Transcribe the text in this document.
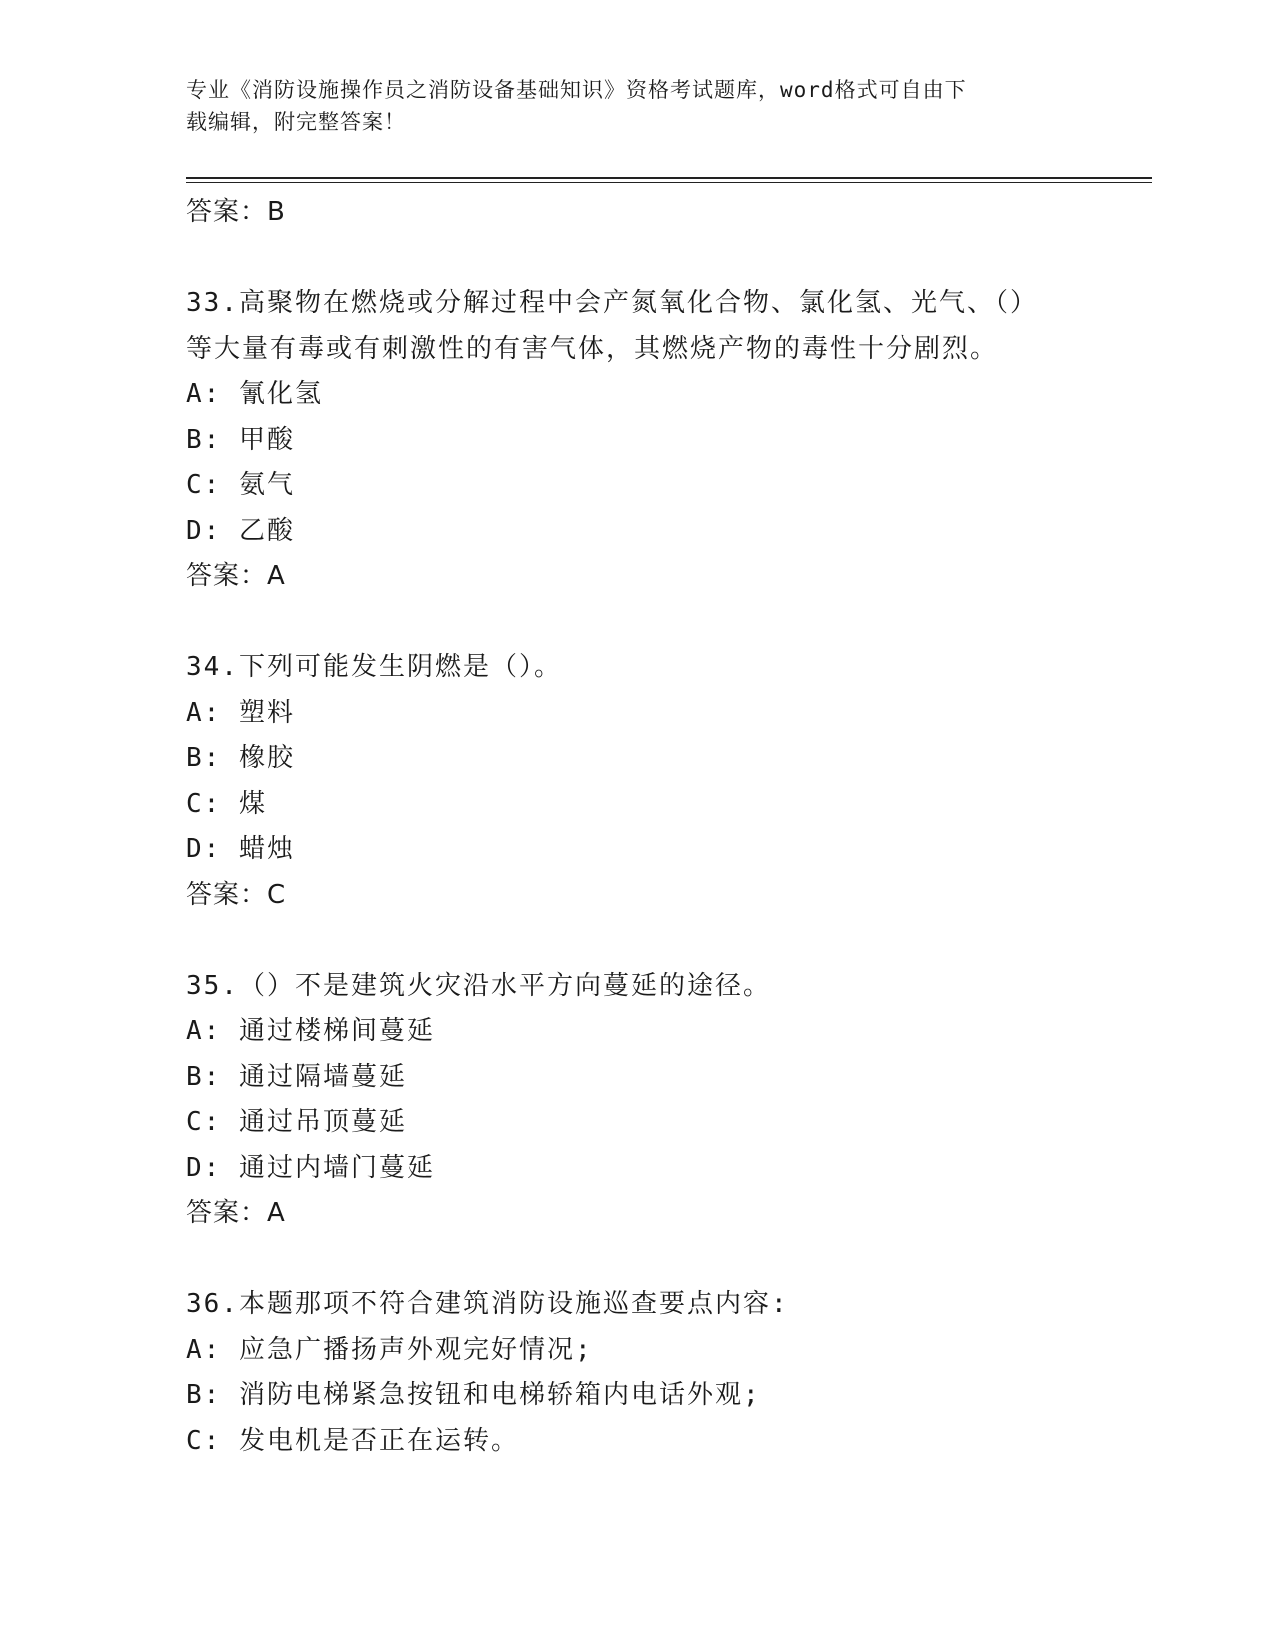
专业《消防设施操作员之消防设备基础知识》资格考试题库，word格式可自由下
载编辑，附完整答案！
答案：B
33.高聚物在燃烧或分解过程中会产氮氧化合物、氯化氢、光气、（）
等大量有毒或有刺激性的有害气体，其燃烧产物的毒性十分剧烈。
A: 氰化氢
B: 甲酸
C: 氨气
D: 乙酸
答案：A
34.下列可能发生阴燃是（）。
A: 塑料
B: 橡胶
C: 煤
D: 蜡烛
答案：C
35.（）不是建筑火灾沿水平方向蔓延的途径。
A: 通过楼梯间蔓延
B: 通过隔墙蔓延
C: 通过吊顶蔓延
D: 通过内墙门蔓延
答案：A
36.本题那项不符合建筑消防设施巡查要点内容:
A: 应急广播扬声外观完好情况;
B: 消防电梯紧急按钮和电梯轿箱内电话外观;
C: 发电机是否正在运转。
